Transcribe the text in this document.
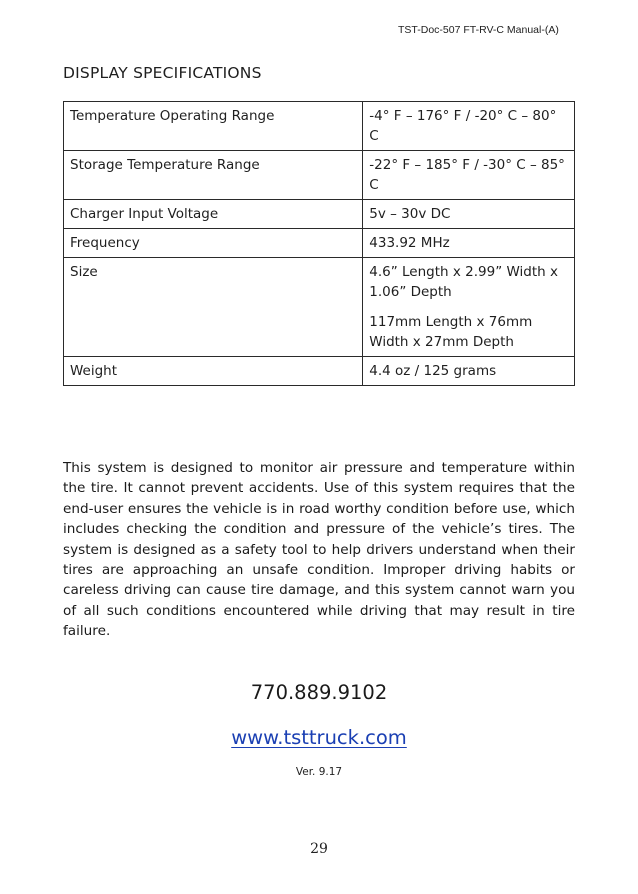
TST-Doc-507 FT-RV-C Manual-(A)
DISPLAY SPECIFICATIONS
Temperature Operating Range	-4° F – 176° F / -20° C – 80° C
Storage Temperature Range	-22° F – 185° F / -30° C – 85° C
Charger Input Voltage	5v – 30v DC
Frequency	433.92 MHz
Size	4.6” Length x 2.99” Width x 1.06” Depth
117mm Length x 76mm Width x 27mm Depth

Weight	4.4 oz / 125 grams

This system is designed to monitor air pressure and temperature within the tire. It cannot prevent accidents. Use of this system requires that the end-user ensures the vehicle is in road worthy condition before use, which includes checking the condition and pressure of the vehicle’s tires. The system is designed as a safety tool to help drivers understand when their tires are approaching an unsafe condition. Improper driving habits or careless driving can cause tire damage, and this system cannot warn you of all such conditions encountered while driving that may result in tire failure.

770.889.9102
www.tsttruck.com
Ver. 9.17
29
